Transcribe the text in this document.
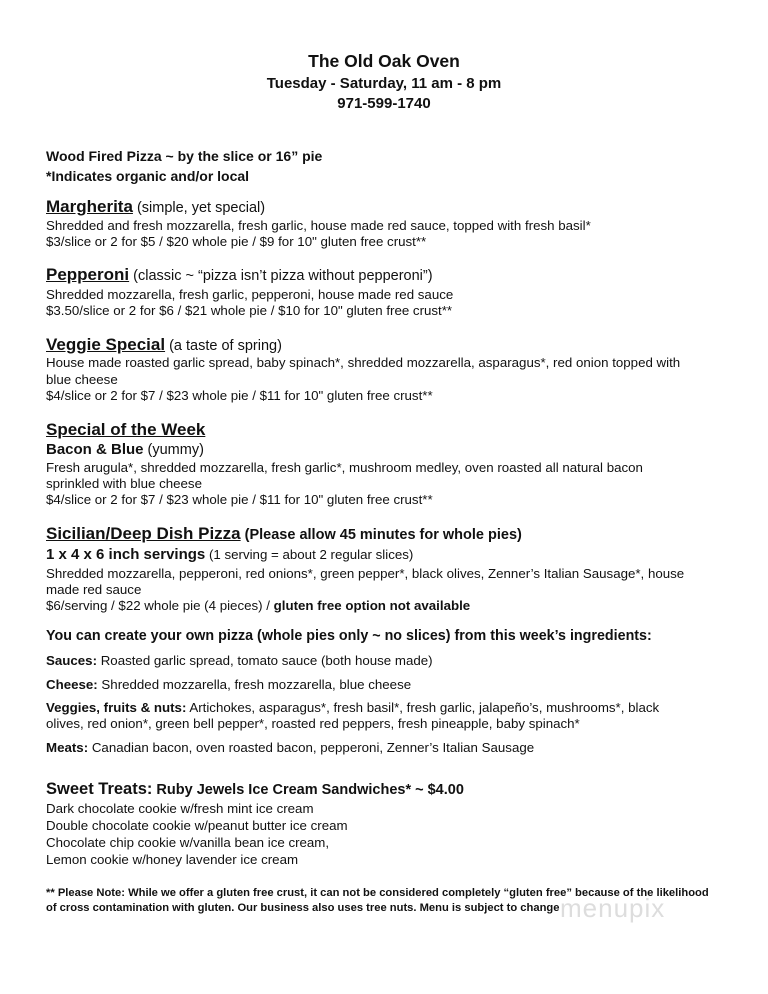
The Old Oak Oven
Tuesday - Saturday, 11 am - 8 pm
971-599-1740
Wood Fired Pizza ~ by the slice or 16” pie
*Indicates organic and/or local
Margherita (simple, yet special)
Shredded and fresh mozzarella, fresh garlic, house made red sauce, topped with fresh basil*
$3/slice or 2 for $5 / $20 whole pie / $9 for 10" gluten free crust**
Pepperoni (classic ~ “pizza isn’t pizza without pepperoni”)
Shredded mozzarella, fresh garlic, pepperoni, house made red sauce
$3.50/slice or 2 for $6 / $21 whole pie / $10 for 10" gluten free crust**
Veggie Special (a taste of spring)
House made roasted garlic spread, baby spinach*, shredded mozzarella, asparagus*, red onion topped with
blue cheese
$4/slice or 2 for $7 / $23 whole pie / $11 for 10" gluten free crust**
Special of the Week
Bacon & Blue (yummy)
Fresh arugula*, shredded mozzarella, fresh garlic*, mushroom medley, oven roasted all natural bacon
sprinkled with blue cheese
$4/slice or 2 for $7 / $23 whole pie / $11 for 10" gluten free crust**
Sicilian/Deep Dish Pizza (Please allow 45 minutes for whole pies)
1 x 4 x 6 inch servings (1 serving = about 2 regular slices)
Shredded mozzarella, pepperoni, red onions*, green pepper*, black olives, Zenner’s Italian Sausage*, house
made red sauce
$6/serving / $22 whole pie (4 pieces) / gluten free option not available
You can create your own pizza (whole pies only ~ no slices) from this week’s ingredients:
Sauces: Roasted garlic spread, tomato sauce (both house made)
Cheese: Shredded mozzarella, fresh mozzarella, blue cheese
Veggies, fruits & nuts: Artichokes, asparagus*, fresh basil*, fresh garlic, jalapeño’s, mushrooms*, black
olives, red onion*, green bell pepper*, roasted red peppers, fresh pineapple, baby spinach*
Meats: Canadian bacon, oven roasted bacon, pepperoni, Zenner’s Italian Sausage
Sweet Treats: Ruby Jewels Ice Cream Sandwiches* ~ $4.00
Dark chocolate cookie w/fresh mint ice cream
Double chocolate cookie w/peanut butter ice cream
Chocolate chip cookie w/vanilla bean ice cream,
Lemon cookie w/honey lavender ice cream
menupix
** Please Note: While we offer a gluten free crust, it can not be considered completely “gluten free” because of the likelihood
of cross contamination with gluten. Our business also uses tree nuts. Menu is subject to change
